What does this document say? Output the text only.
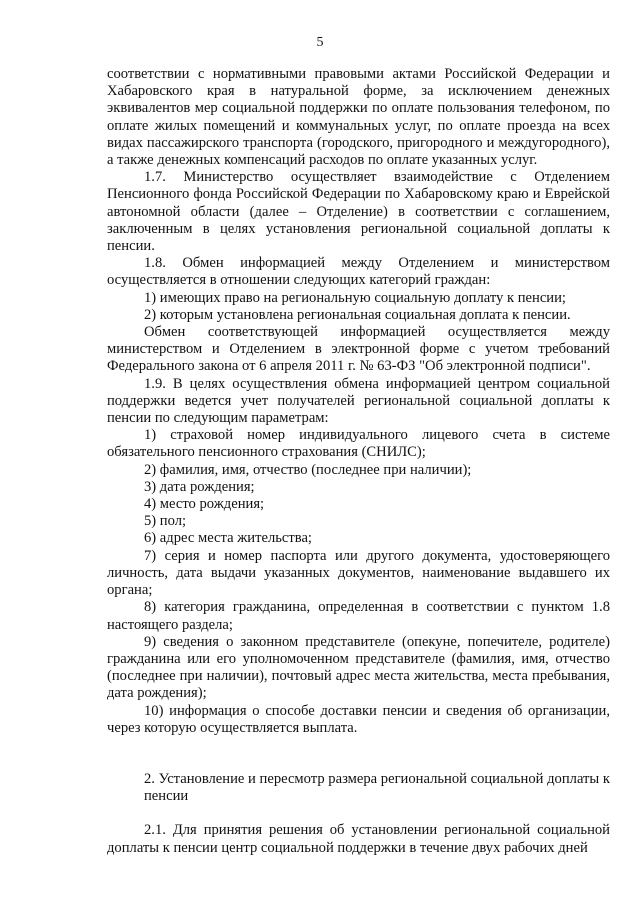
5

соответствии с нормативными правовыми актами Российской Федерации и Хабаровского края в натуральной форме, за исключением денежных эквивалентов мер социальной поддержки по оплате пользования телефоном, по оплате жилых помещений и коммунальных услуг, по оплате проезда на всех видах пассажирского транспорта (городского, пригородного и междугородного), а также денежных компенсаций расходов по оплате указанных услуг.

1.7. Министерство осуществляет взаимодействие с Отделением Пенсионного фонда Российской Федерации по Хабаровскому краю и Еврейской автономной области (далее – Отделение) в соответствии с соглашением, заключенным в целях установления региональной социальной доплаты к пенсии.

1.8. Обмен информацией между Отделением и министерством осуществляется в отношении следующих категорий граждан:

1) имеющих право на региональную социальную доплату к пенсии;

2) которым установлена региональная социальная доплата к пенсии.

Обмен соответствующей информацией осуществляется между министерством и Отделением в электронной форме с учетом требований Федерального закона от 6 апреля 2011 г. № 63-ФЗ "Об электронной подписи".

1.9. В целях осуществления обмена информацией центром социальной поддержки ведется учет получателей региональной социальной доплаты к пенсии по следующим параметрам:

1) страховой номер индивидуального лицевого счета в системе обязательного пенсионного страхования (СНИЛС);

2) фамилия, имя, отчество (последнее при наличии);

3) дата рождения;

4) место рождения;

5) пол;

6) адрес места жительства;

7) серия и номер паспорта или другого документа, удостоверяющего личность, дата выдачи указанных документов, наименование выдавшего их органа;

8) категория гражданина, определенная в соответствии с пунктом 1.8 настоящего раздела;

9) сведения о законном представителе (опекуне, попечителе, родителе) гражданина или его уполномоченном представителе (фамилия, имя, отчество (последнее при наличии), почтовый адрес места жительства, места пребывания, дата рождения);

10) информация о способе доставки пенсии и сведения об организации, через которую осуществляется выплата.

2. Установление и пересмотр размера региональной социальной доплаты к пенсии

2.1. Для принятия решения об установлении региональной социальной доплаты к пенсии центр социальной поддержки в течение двух рабочих дней
